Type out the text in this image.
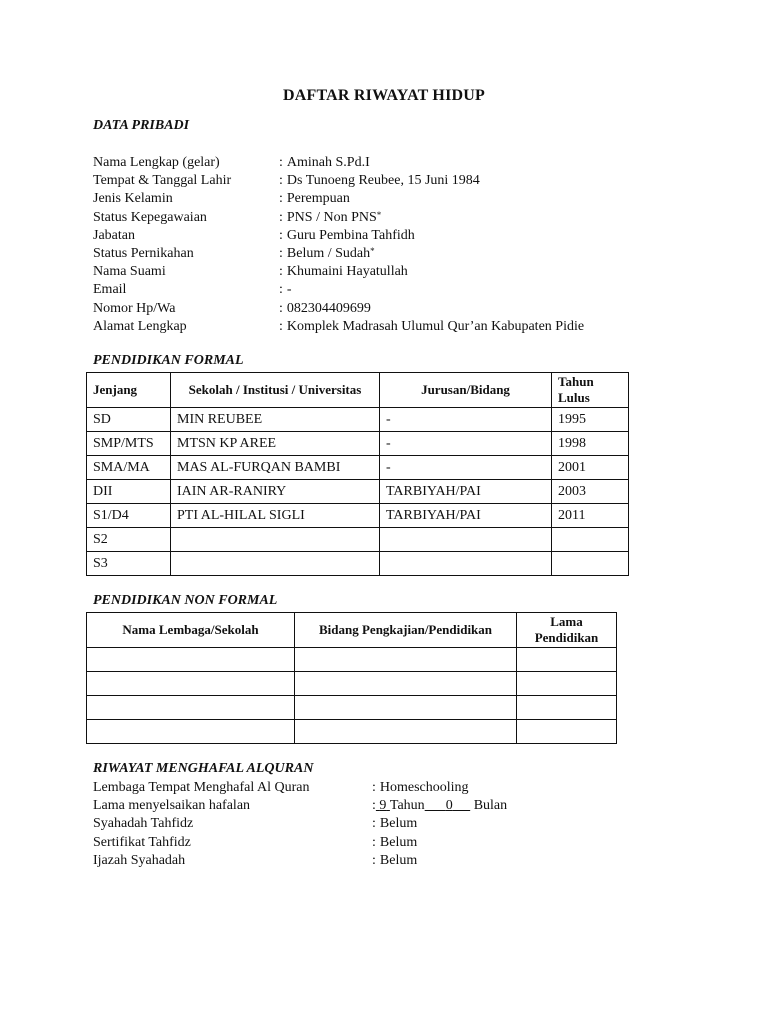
DAFTAR RIWAYAT HIDUP
DATA PRIBADI
Nama Lengkap (gelar)	: Aminah S.Pd.I
Tempat & Tanggal Lahir	: Ds Tunoeng Reubee, 15 Juni 1984
Jenis Kelamin	: Perempuan
Status Kepegawaian	: PNS / Non PNS*
Jabatan	: Guru Pembina Tahfidh
Status Pernikahan	: Belum / Sudah*
Nama Suami	: Khumaini Hayatullah
Email	: -
Nomor Hp/Wa	: 082304409699
Alamat Lengkap	: Komplek Madrasah Ulumul Qur’an Kabupaten Pidie
PENDIDIKAN FORMAL
Jenjang	Sekolah / Institusi / Universitas	Jurusan/Bidang	Tahun Lulus
SD	MIN REUBEE	-	1995
SMP/MTS	MTSN KP AREE	-	1998
SMA/MA	MAS AL-FURQAN BAMBI	-	2001
DII	IAIN AR-RANIRY	TARBIYAH/PAI	2003
S1/D4	PTI AL-HILAL SIGLI	TARBIYAH/PAI	2011
S2			
S3			
PENDIDIKAN NON FORMAL
Nama Lembaga/Sekolah	Bidang Pengkajian/Pendidikan	Lama Pendidikan

RIWAYAT MENGHAFAL ALQURAN
Lembaga Tempat Menghafal Al Quran	: Homeschooling
Lama menyelsaikan hafalan	: 9 Tahun 0 Bulan
Syahadah Tahfidz	: Belum
Sertifikat Tahfidz	: Belum
Ijazah Syahadah	: Belum
